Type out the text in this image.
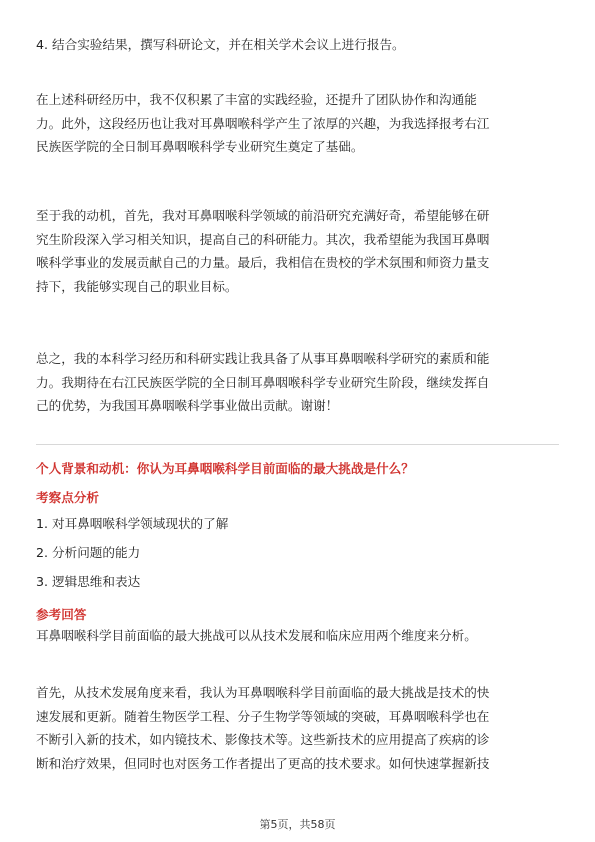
4. 结合实验结果，撰写科研论文，并在相关学术会议上进行报告。
在上述科研经历中，我不仅积累了丰富的实践经验，还提升了团队协作和沟通能
力。此外，这段经历也让我对耳鼻咽喉科学产生了浓厚的兴趣，为我选择报考右江
民族医学院的全日制耳鼻咽喉科学专业研究生奠定了基础。
至于我的动机，首先，我对耳鼻咽喉科学领域的前沿研究充满好奇，希望能够在研
究生阶段深入学习相关知识，提高自己的科研能力。其次，我希望能为我国耳鼻咽
喉科学事业的发展贡献自己的力量。最后，我相信在贵校的学术氛围和师资力量支
持下，我能够实现自己的职业目标。
总之，我的本科学习经历和科研实践让我具备了从事耳鼻咽喉科学研究的素质和能
力。我期待在右江民族医学院的全日制耳鼻咽喉科学专业研究生阶段，继续发挥自
己的优势，为我国耳鼻咽喉科学事业做出贡献。谢谢！
个人背景和动机：你认为耳鼻咽喉科学目前面临的最大挑战是什么？
考察点分析
1. 对耳鼻咽喉科学领域现状的了解
2. 分析问题的能力
3. 逻辑思维和表达
参考回答
耳鼻咽喉科学目前面临的最大挑战可以从技术发展和临床应用两个维度来分析。
首先，从技术发展角度来看，我认为耳鼻咽喉科学目前面临的最大挑战是技术的快
速发展和更新。随着生物医学工程、分子生物学等领域的突破，耳鼻咽喉科学也在
不断引入新的技术，如内镜技术、影像技术等。这些新技术的应用提高了疾病的诊
断和治疗效果，但同时也对医务工作者提出了更高的技术要求。如何快速掌握新技
第5页，共58页
